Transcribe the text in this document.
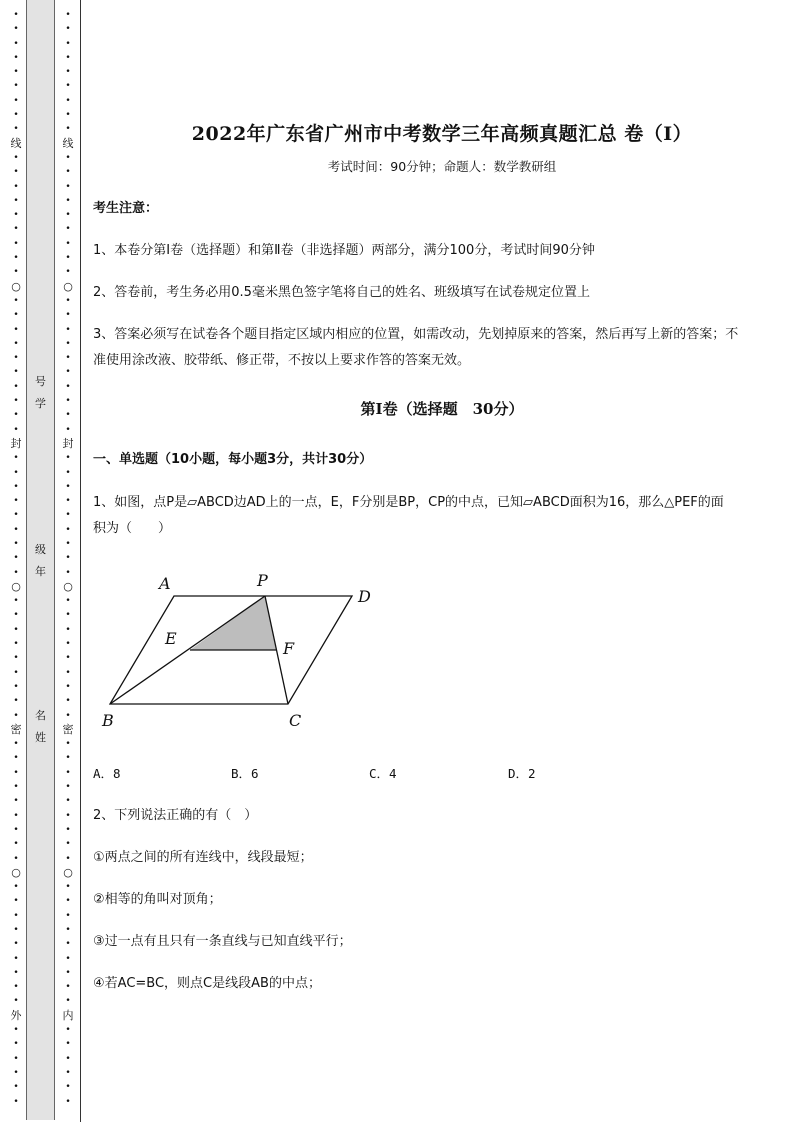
•
•
•
•
•
•
•
•
•
线
•
•
•
•
•
•
•
•
•
○
•
•
•
•
•
•
•
•
•
•
封
•
•
•
•
•
•
•
•
•
○
•
•
•
•
•
•
•
•
•
密
•
•
•
•
•
•
•
•
•
○
•
•
•
•
•
•
•
•
•
外
•
•
•
•
•
•
•
•
•
•
•
•
•
•
•
线
•
•
•
•
•
•
•
•
•
○
•
•
•
•
•
•
•
•
•
•
封
•
•
•
•
•
•
•
•
•
○
•
•
•
•
•
•
•
•
•
密
•
•
•
•
•
•
•
•
•
○
•
•
•
•
•
•
•
•
•
内
•
•
•
•
•
•
号
学
级
年
名
姓
2022年广东省广州市中考数学三年高频真题汇总 卷（Ⅰ）
考试时间：90分钟；命题人：数学教研组
考生注意：
1、本卷分第I卷（选择题）和第Ⅱ卷（非选择题）两部分，满分100分，考试时间90分钟
2、答卷前，考生务必用0.5毫米黑色签字笔将自己的姓名、班级填写在试卷规定位置上
3、答案必须写在试卷各个题目指定区域内相应的位置，如需改动，先划掉原来的答案，然后再写上新的答案；不准使用涂改液、胶带纸、修正带，不按以上要求作答的答案无效。
第I卷（选择题　30分）
一、单选题（10小题，每小题3分，共计30分）
1、如图，点P是▱ABCD边AD上的一点，E，F分别是BP，CP的中点，已知▱ABCD面积为16，那么△PEF的面积为（　　）
A	P
D
E
F
B	C
A．8	B．6	C．4	D．2
2、下列说法正确的有（　）
①两点之间的所有连线中，线段最短；
②相等的角叫对顶角；
③过一点有且只有一条直线与已知直线平行；
④若AC=BC，则点C是线段AB的中点；
